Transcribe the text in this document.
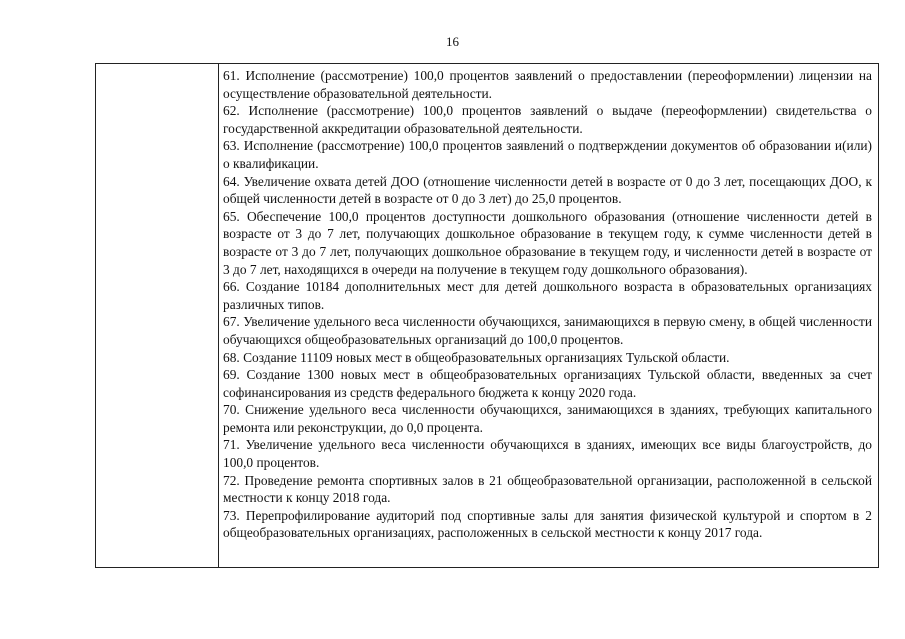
16

61. Исполнение (рассмотрение) 100,0 процентов заявлений о предоставлении (переоформлении) лицензии на осуществление образовательной деятельности.

62. Исполнение (рассмотрение) 100,0 процентов заявлений о выдаче (переоформлении) свидетельства о государственной аккредитации образовательной деятельности.

63. Исполнение (рассмотрение) 100,0 процентов заявлений о подтверждении документов об образовании и(или) о квалификации.

64. Увеличение охвата детей ДОО (отношение численности детей в возрасте от 0 до 3 лет, посещающих ДОО, к общей численности детей в возрасте от 0 до 3 лет) до 25,0 процентов.

65. Обеспечение 100,0 процентов доступности дошкольного образования (отношение численности детей в возрасте от 3 до 7 лет, получающих дошкольное образование в текущем году, к сумме численности детей в возрасте от 3 до 7 лет, получающих дошкольное образование в текущем году, и численности детей в возрасте от 3 до 7 лет, находящихся в очереди на получение в текущем году дошкольного образования).

66. Создание 10184 дополнительных мест для детей дошкольного возраста в образовательных организациях различных типов.

67. Увеличение удельного веса численности обучающихся, занимающихся в первую смену, в общей численности обучающихся общеобразовательных организаций до 100,0 процентов.

68. Создание 11109 новых мест в общеобразовательных организациях Тульской области.

69. Создание 1300 новых мест в общеобразовательных организациях Тульской области, введенных за счет софинансирования из средств федерального бюджета к концу 2020 года.

70. Снижение удельного веса численности обучающихся, занимающихся в зданиях, требующих капитального ремонта или реконструкции, до 0,0 процента.

71. Увеличение удельного веса численности обучающихся в зданиях, имеющих все виды благоустройств, до 100,0 процентов.

72. Проведение ремонта спортивных залов в 21 общеобразовательной организации, расположенной в сельской местности к концу 2018 года.

73. Перепрофилирование аудиторий под спортивные залы для занятия физической культурой и спортом в 2 общеобразовательных организациях, расположенных в сельской местности к концу 2017 года.
